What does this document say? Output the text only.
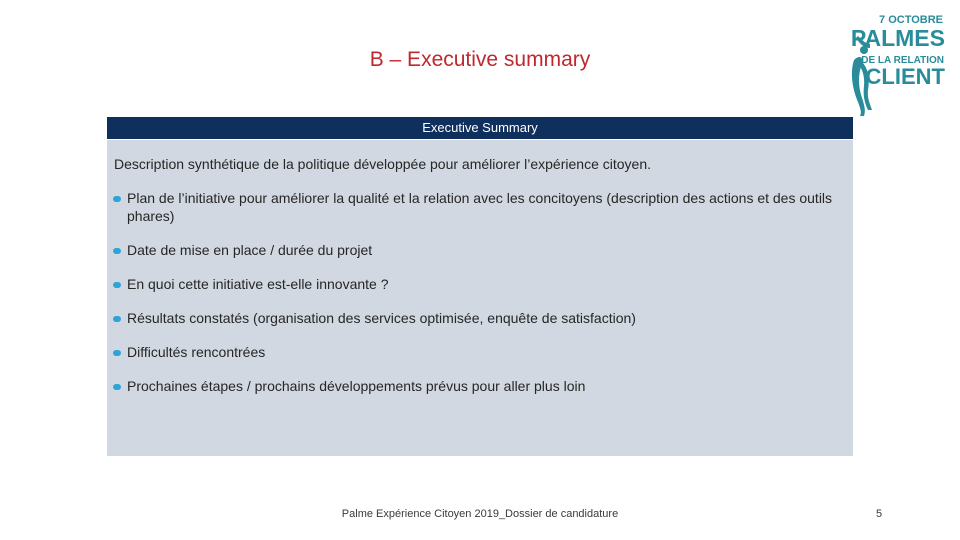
B – Executive summary
7 OCTOBRE
PALMES
DE LA RELATION
CLIENT
Executive Summary
Description synthétique de la politique développée pour améliorer l’expérience citoyen.
Plan de l’initiative pour améliorer la qualité et la relation avec les concitoyens (description des actions et des outils phares)
Date de mise en place / durée du projet
En quoi cette initiative est-elle innovante ?
Résultats constatés (organisation des services optimisée, enquête de satisfaction)
Difficultés rencontrées
Prochaines étapes / prochains développements prévus pour aller plus loin
Palme Expérience Citoyen 2019_Dossier de candidature	5
